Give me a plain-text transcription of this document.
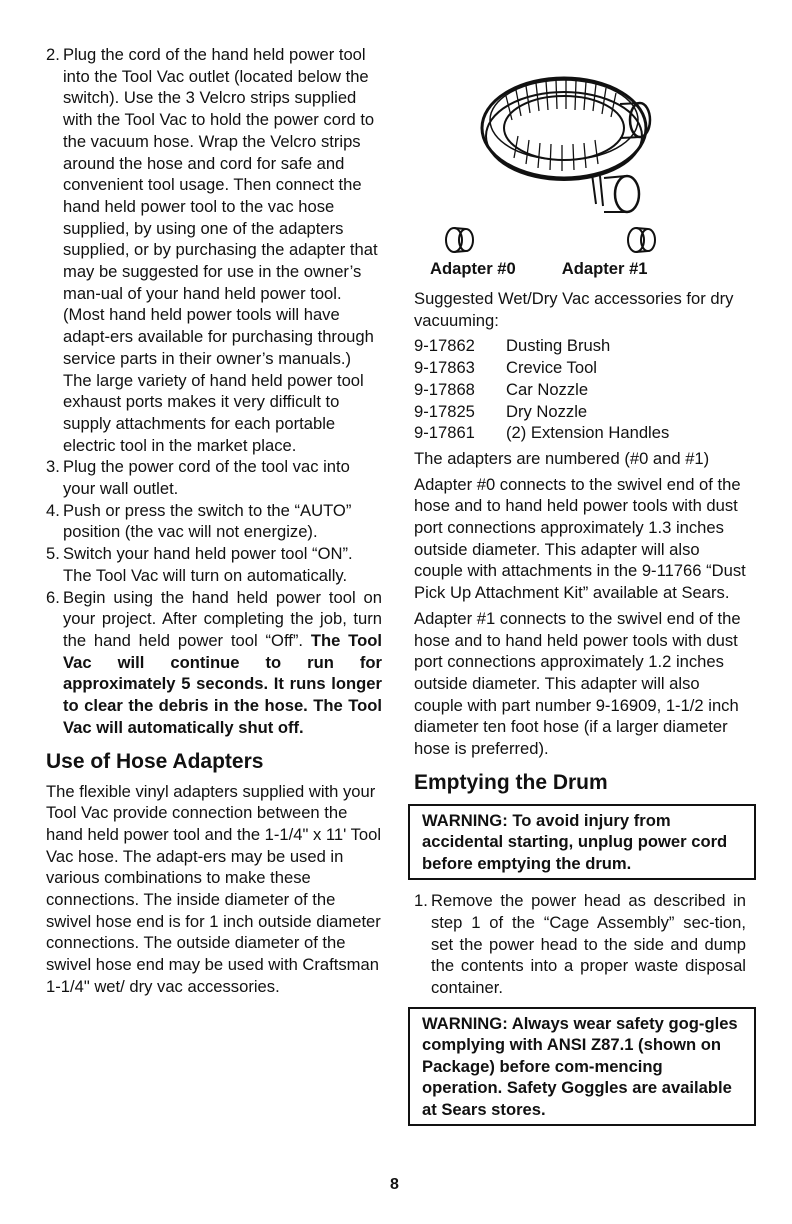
2. Plug the cord of the hand held power tool into the Tool Vac outlet (located below the switch). Use the 3 Velcro strips supplied with the Tool Vac to hold the power cord to the vacuum hose. Wrap the Velcro strips around the hose and cord for safe and convenient tool usage. Then connect the hand held power tool to the vac hose supplied, by using one of the adapters supplied, or by purchasing the adapter that may be suggested for use in the owner’s man-ual of your hand held power tool. (Most hand held power tools will have adapt-ers available for purchasing through service parts in their owner’s manuals.) The large variety of hand held power tool exhaust ports makes it very difficult to supply attachments for each portable electric tool in the market place.
3. Plug the power cord of the tool vac into your wall outlet.
4. Push or press the switch to the “AUTO” position (the vac will not energize).
5. Switch your hand held power tool “ON”. The Tool Vac will turn on automatically.
6. Begin using the hand held power tool on your project. After completing the job, turn the hand held power tool “Off”. The Tool Vac will continue to run for approximately 5 seconds. It runs longer to clear the debris in the hose. The Tool Vac will automatically shut off.
Use of Hose Adapters

The flexible vinyl adapters supplied with your Tool Vac provide connection between the hand held power tool and the 1-1/4" x 11' Tool Vac hose. The adapt-ers may be used in various combinations to make these connections. The inside diameter of the swivel hose end is for 1 inch outside diameter connections. The outside diameter of the swivel hose end may be used with Craftsman 1-1/4" wet/ dry vac accessories.

Adapter #0	Adapter #1

Suggested Wet/Dry Vac accessories for dry vacuuming:

9-17862	Dusting Brush
9-17863	Crevice Tool
9-17868	Car Nozzle
9-17825	Dry Nozzle
9-17861	(2) Extension Handles

The adapters are numbered (#0 and #1)

Adapter #0 connects to the swivel end of the hose and to hand held power tools with dust port connections approximately 1.3 inches outside diameter. This adapter will also couple with attachments in the 9-11766 “Dust Pick Up Attachment Kit” available at Sears.

Adapter #1 connects to the swivel end of the hose and to hand held power tools with dust port connections approximately 1.2 inches outside diameter. This adapter will also couple with part number 9-16909, 1-1/2 inch diameter ten foot hose (if a larger diameter hose is preferred).

Emptying the Drum
WARNING: To avoid injury from accidental starting, unplug power cord before emptying the drum.
1. Remove the power head as described in step 1 of the “Cage Assembly” sec-tion, set the power head to the side and dump the contents into a proper waste disposal container.
WARNING: Always wear safety gog-gles complying with ANSI Z87.1 (shown on Package) before com-mencing operation. Safety Goggles are available at Sears stores.
8
